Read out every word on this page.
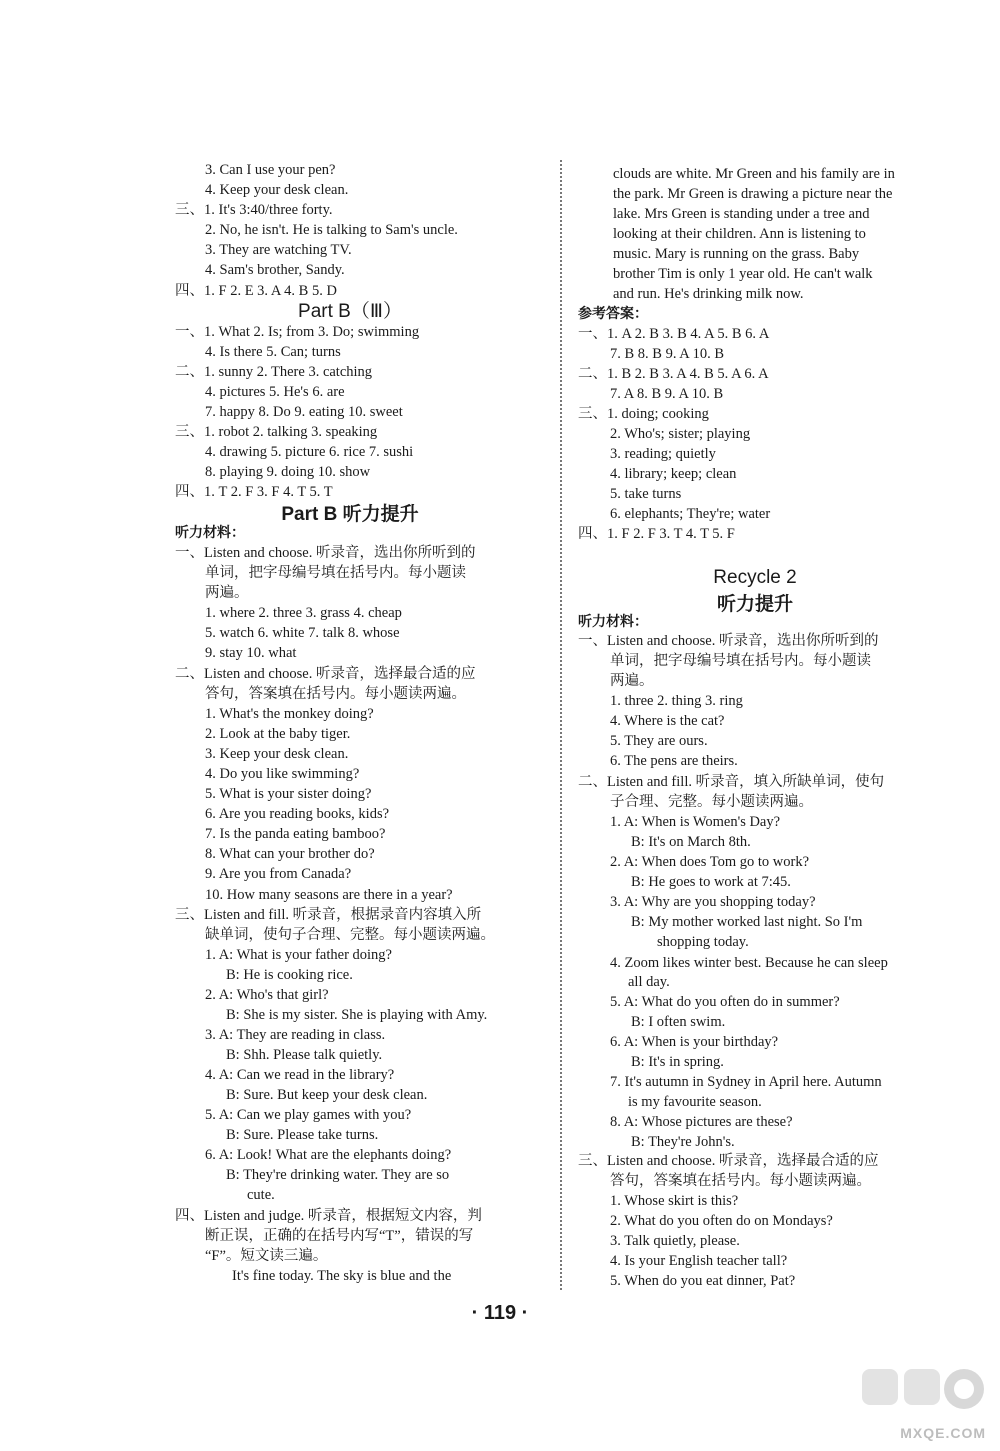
3. Can I use your pen?
4. Keep your desk clean.
三、1. It's 3:40/three forty.
2. No, he isn't. He is talking to Sam's uncle.
3. They are watching TV.
4. Sam's brother, Sandy.
四、1. F 2. E 3. A 4. B 5. D
Part B（Ⅲ）
一、1. What 2. Is; from 3. Do; swimming
4. Is there 5. Can; turns
二、1. sunny 2. There 3. catching
4. pictures 5. He's 6. are
7. happy 8. Do 9. eating 10. sweet
三、1. robot 2. talking 3. speaking
4. drawing 5. picture 6. rice 7. sushi
8. playing 9. doing 10. show
四、1. T 2. F 3. F 4. T 5. T
Part B 听力提升
听力材料：
一、Listen and choose. 听录音，选出你所听到的
单词，把字母编号填在括号内。每小题读
两遍。
1. where 2. three 3. grass 4. cheap
5. watch 6. white 7. talk 8. whose
9. stay 10. what
二、Listen and choose. 听录音，选择最合适的应
答句，答案填在括号内。每小题读两遍。
1. What's the monkey doing?
2. Look at the baby tiger.
3. Keep your desk clean.
4. Do you like swimming?
5. What is your sister doing?
6. Are you reading books, kids?
7. Is the panda eating bamboo?
8. What can your brother do?
9. Are you from Canada?
10. How many seasons are there in a year?
三、Listen and fill. 听录音，根据录音内容填入所
缺单词，使句子合理、完整。每小题读两遍。
1. A: What is your father doing?
B: He is cooking rice.
2. A: Who's that girl?
B: She is my sister. She is playing with Amy.
3. A: They are reading in class.
B: Shh. Please talk quietly.
4. A: Can we read in the library?
B: Sure. But keep your desk clean.
5. A: Can we play games with you?
B: Sure. Please take turns.
6. A: Look! What are the elephants doing?
B: They're drinking water. They are so
cute.
四、Listen and judge. 听录音，根据短文内容，判
断正误，正确的在括号内写“T”，错误的写
“F”。短文读三遍。
It's fine today. The sky is blue and the
clouds are white. Mr Green and his family are in
the park. Mr Green is drawing a picture near the
lake. Mrs Green is standing under a tree and
looking at their children. Ann is listening to
music. Mary is running on the grass. Baby
brother Tim is only 1 year old. He can't walk
and run. He's drinking milk now.
参考答案：
一、1. A 2. B 3. B 4. A 5. B 6. A
7. B 8. B 9. A 10. B
二、1. B 2. B 3. A 4. B 5. A 6. A
7. A 8. B 9. A 10. B
三、1. doing; cooking
2. Who's; sister; playing
3. reading; quietly
4. library; keep; clean
5. take turns
6. elephants; They're; water
四、1. F 2. F 3. T 4. T 5. F
Recycle 2
听力提升
听力材料：
一、Listen and choose. 听录音，选出你所听到的
单词，把字母编号填在括号内。每小题读
两遍。
1. three 2. thing 3. ring
4. Where is the cat?
5. They are ours.
6. The pens are theirs.
二、Listen and fill. 听录音，填入所缺单词，使句
子合理、完整。每小题读两遍。
1. A: When is Women's Day?
B: It's on March 8th.
2. A: When does Tom go to work?
B: He goes to work at 7:45.
3. A: Why are you shopping today?
B: My mother worked last night. So I'm
shopping today.
4. Zoom likes winter best. Because he can sleep
all day.
5. A: What do you often do in summer?
B: I often swim.
6. A: When is your birthday?
B: It's in spring.
7. It's autumn in Sydney in April here. Autumn
is my favourite season.
8. A: Whose pictures are these?
B: They're John's.
三、Listen and choose. 听录音，选择最合适的应
答句，答案填在括号内。每小题读两遍。
1. Whose skirt is this?
2. What do you often do on Mondays?
3. Talk quietly, please.
4. Is your English teacher tall?
5. When do you eat dinner, Pat?
· 119 ·
MXQE.COM
